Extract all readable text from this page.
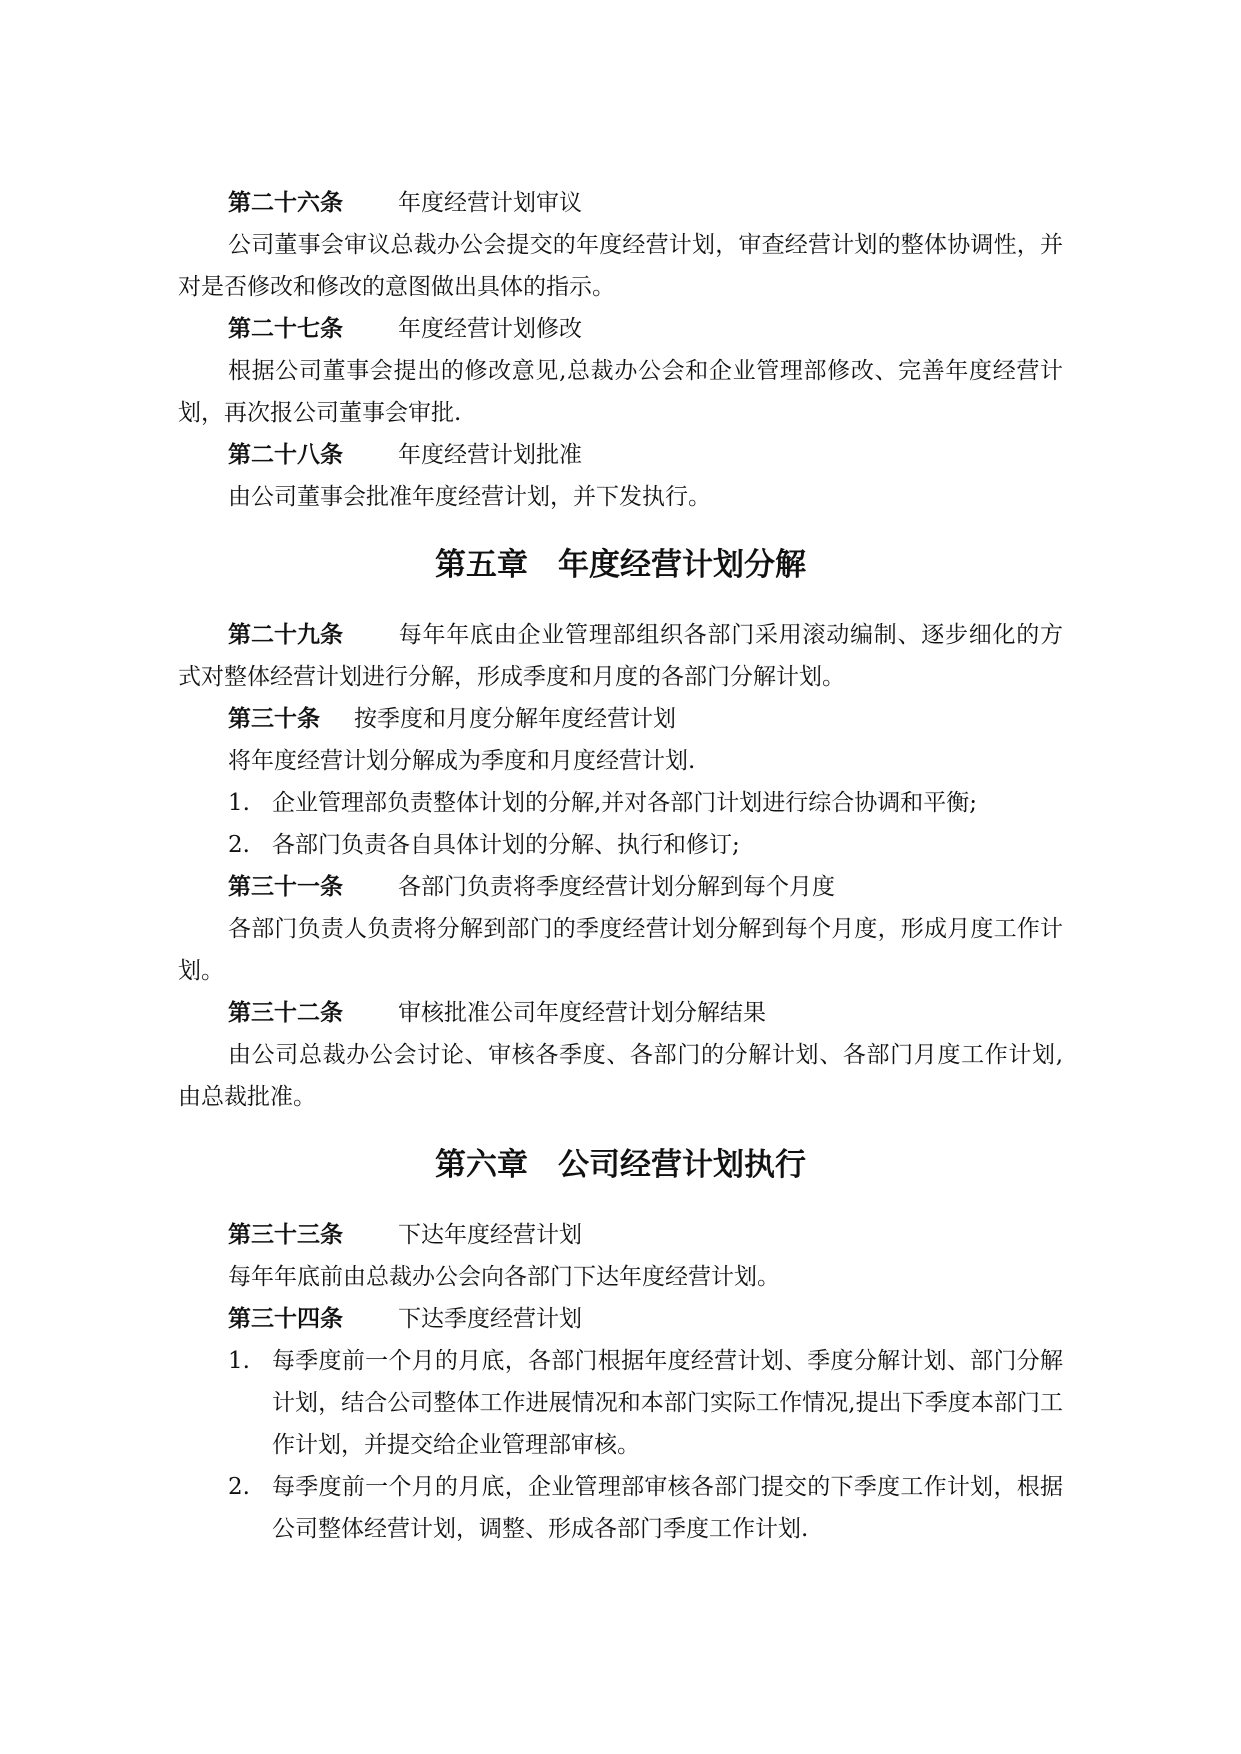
第二十六条 年度经营计划审议

公司董事会审议总裁办公会提交的年度经营计划，审查经营计划的整体协调性，并对是否修改和修改的意图做出具体的指示。

第二十七条 年度经营计划修改

根据公司董事会提出的修改意见,总裁办公会和企业管理部修改、完善年度经营计划，再次报公司董事会审批.

第二十八条 年度经营计划批准

由公司董事会批准年度经营计划，并下发执行。

第五章 年度经营计划分解

第二十九条 每年年底由企业管理部组织各部门采用滚动编制、逐步细化的方式对整体经营计划进行分解，形成季度和月度的各部门分解计划。

第三十条 按季度和月度分解年度经营计划

将年度经营计划分解成为季度和月度经营计划.

1. 企业管理部负责整体计划的分解,并对各部门计划进行综合协调和平衡;
2. 各部门负责各自具体计划的分解、执行和修订;
第三十一条 各部门负责将季度经营计划分解到每个月度

各部门负责人负责将分解到部门的季度经营计划分解到每个月度，形成月度工作计划。

第三十二条 审核批准公司年度经营计划分解结果

由公司总裁办公会讨论、审核各季度、各部门的分解计划、各部门月度工作计划,由总裁批准。

第六章 公司经营计划执行
第三十三条 下达年度经营计划

每年年底前由总裁办公会向各部门下达年度经营计划。

第三十四条 下达季度经营计划
1. 每季度前一个月的月底，各部门根据年度经营计划、季度分解计划、部门分解计划，结合公司整体工作进展情况和本部门实际工作情况,提出下季度本部门工作计划，并提交给企业管理部审核。
2. 每季度前一个月的月底，企业管理部审核各部门提交的下季度工作计划，根据公司整体经营计划，调整、形成各部门季度工作计划.
